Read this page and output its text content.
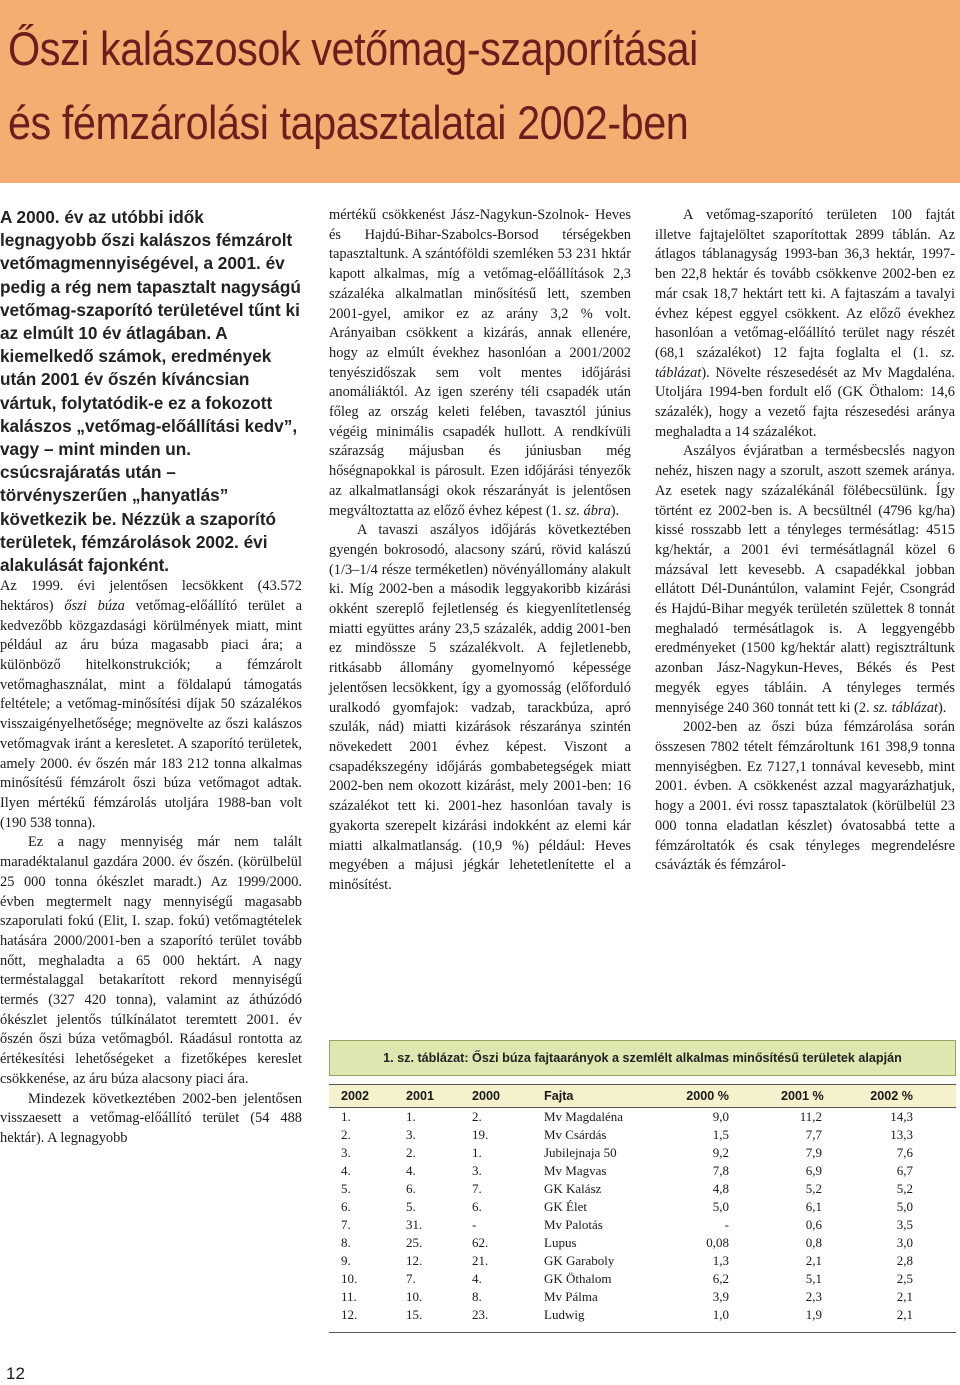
Őszi kalászosok vetőmag-szaporításai
és fémzárolási tapasztalatai 2002-ben

A 2000. év az utóbbi idők legnagyobb őszi kalászos fémzárolt vetőmagmennyiségével, a 2001. év pedig a rég nem tapasztalt nagyságú vetőmag-szaporító területével tűnt ki az elmúlt 10 év átlagában. A kiemelkedő számok, eredmények után 2001 év őszén kíváncsian vártuk, folytatódik-e ez a fokozott kalászos „vetőmag-előállítási kedv”, vagy – mint minden un. csúcsrajáratás után – törvényszerűen „hanyatlás” következik be. Nézzük a szaporító területek, fémzárolások 2002. évi alakulását fajonként.

Az 1999. évi jelentősen lecsökkent (43.572 hektáros) őszi búza vetőmag-előállító terület a kedvezőbb közgazdasági körülmények miatt, mint például az áru búza magasabb piaci ára; a különböző hitelkonstrukciók; a fémzárolt vetőmaghasználat, mint a földalapú támogatás feltétele; a vetőmag-minősítési díjak 50 százalékos visszaigényelhetősége; megnövelte az őszi kalászos vetőmagvak iránt a keresletet. A szaporító területek, amely 2000. év őszén már 183 212 tonna alkalmas minősítésű fémzárolt őszi búza vetőmagot adtak. Ilyen mértékű fémzárolás utoljára 1988-ban volt (190 538 tonna).

Ez a nagy mennyiség már nem talált maradéktalanul gazdára 2000. év őszén. (körülbelül 25 000 tonna ókészlet maradt.) Az 1999/2000. évben megtermelt nagy mennyiségű magasabb szaporulati fokú (Elit, I. szap. fokú) vetőmagtételek hatására 2000/2001-ben a szaporító terület tovább nőtt, meghaladta a 65 000 hektárt. A nagy terméstalaggal betakarított rekord mennyiségű termés (327 420 tonna), valamint az áthúzódó ókészlet jelentős túlkínálatot teremtett 2001. év őszén őszi búza vetőmagból. Ráadásul rontotta az értékesítési lehetőségeket a fizetőképes kereslet csökkenése, az áru búza alacsony piaci ára.

Mindezek következtében 2002-ben jelentősen visszaesett a vetőmag-előállító terület (54 488 hektár). A legnagyobb

mértékű csökkenést Jász-Nagykun-Szolnok- Heves és Hajdú-Bihar-Szabolcs-Borsod térségekben tapasztaltunk. A szántóföldi szemléken 53 231 hktár kapott alkalmas, míg a vetőmag-előállítások 2,3 százaléka alkalmatlan minősítésű lett, szemben 2001-gyel, amikor ez az arány 3,2 % volt. Arányaiban csökkent a kizárás, annak ellenére, hogy az elmúlt évekhez hasonlóan a 2001/2002 tenyészidőszak sem volt mentes időjárási anomáliáktól. Az igen szerény téli csapadék után főleg az ország keleti felében, tavasztól június végéig minimális csapadék hullott. A rendkívüli szárazság májusban és júniusban még hőségnapokkal is párosult. Ezen időjárási tényezők az alkalmatlansági okok részarányát is jelentősen megváltoztatta az előző évhez képest (1. sz. ábra).

A tavaszi aszályos időjárás következtében gyengén bokrosodó, alacsony szárú, rövid kalászú (1/3–1/4 része terméketlen) növényállomány alakult ki. Míg 2002-ben a második leggyakoribb kizárási okként szereplő fejletlenség és kiegyenlítetlenség miatti együttes arány 23,5 százalék, addig 2001-ben ez mindössze 5 százalékvolt. A fejletlenebb, ritkásabb állomány gyomelnyomó képessége jelentősen lecsökkent, így a gyomosság (előforduló uralkodó gyomfajok: vadzab, tarackbúza, apró szulák, nád) miatti kizárások részaránya szintén növekedett 2001 évhez képest. Viszont a csapadékszegény időjárás gombabetegségek miatt 2002-ben nem okozott kizárást, mely 2001-ben: 16 százalékot tett ki. 2001-hez hasonlóan tavaly is gyakorta szerepelt kizárási indokként az elemi kár miatti alkalmatlanság. (10,9 %) például: Heves megyében a májusi jégkár lehetetlenítette el a minősítést.

A vetőmag-szaporító területen 100 fajtát illetve fajtajelöltet szaporítottak 2899 táblán. Az átlagos táblanagyság 1993-ban 36,3 hektár, 1997-ben 22,8 hektár és tovább csökkenve 2002-ben ez már csak 18,7 hektárt tett ki. A fajtaszám a tavalyi évhez képest eggyel csökkent. Az előző évekhez hasonlóan a vetőmag-előállító terület nagy részét (68,1 százalékot) 12 fajta foglalta el (1. sz. táblázat). Növelte részesedését az Mv Magdaléna. Utoljára 1994-ben fordult elő (GK Öthalom: 14,6 százalék), hogy a vezető fajta részesedési aránya meghaladta a 14 százalékot.

Aszályos évjáratban a termésbecslés nagyon nehéz, hiszen nagy a szorult, aszott szemek aránya. Az esetek nagy százalékánál fölébecsülünk. Így történt ez 2002-ben is. A becsültnél (4796 kg/ha) kissé rosszabb lett a tényleges termésátlag: 4515 kg/hektár, a 2001 évi termésátlagnál közel 6 mázsával lett kevesebb. A csapadékkal jobban ellátott Dél-Dunántúlon, valamint Fejér, Csongrád és Hajdú-Bihar megyék területén születtek 8 tonnát meghaladó termésátlagok is. A leggyengébb eredményeket (1500 kg/hektár alatt) regisztráltunk azonban Jász-Nagykun-Heves, Békés és Pest megyék egyes tábláin. A tényleges termés mennyisége 240 360 tonnát tett ki (2. sz. táblázat).

2002-ben az őszi búza fémzárolása során összesen 7802 tételt fémzároltunk 161 398,9 tonna mennyiségben. Ez 7127,1 tonnával kevesebb, mint 2001. évben. A csökkenést azzal magyarázhatjuk, hogy a 2001. évi rossz tapasztalatok (körülbelül 23 000 tonna eladatlan készlet) óvatosabbá tette a fémzároltatók és csak tényleges megrendelésre csávázták és fémzárol-

1. sz. táblázat: Őszi búza fajtaarányok a szemlélt alkalmas minősítésű területek alapján
2002	2001	2000	Fajta	2000 %	2001 %	2002 %
1.	1.	2.	Mv Magdaléna	9,0	11,2	14,3
2.	3.	19.	Mv Csárdás	1,5	7,7	13,3
3.	2.	1.	Jubilejnaja 50	9,2	7,9	7,6
4.	4.	3.	Mv Magvas	7,8	6,9	6,7
5.	6.	7.	GK Kalász	4,8	5,2	5,2
6.	5.	6.	GK Élet	5,0	6,1	5,0
7.	31.	-	Mv Palotás	-	0,6	3,5
8.	25.	62.	Lupus	0,08	0,8	3,0
9.	12.	21.	GK Garaboly	1,3	2,1	2,8
10.	7.	4.	GK Öthalom	6,2	5,1	2,5
11.	10.	8.	Mv Pálma	3,9	2,3	2,1
12.	15.	23.	Ludwig	1,0	1,9	2,1
12
